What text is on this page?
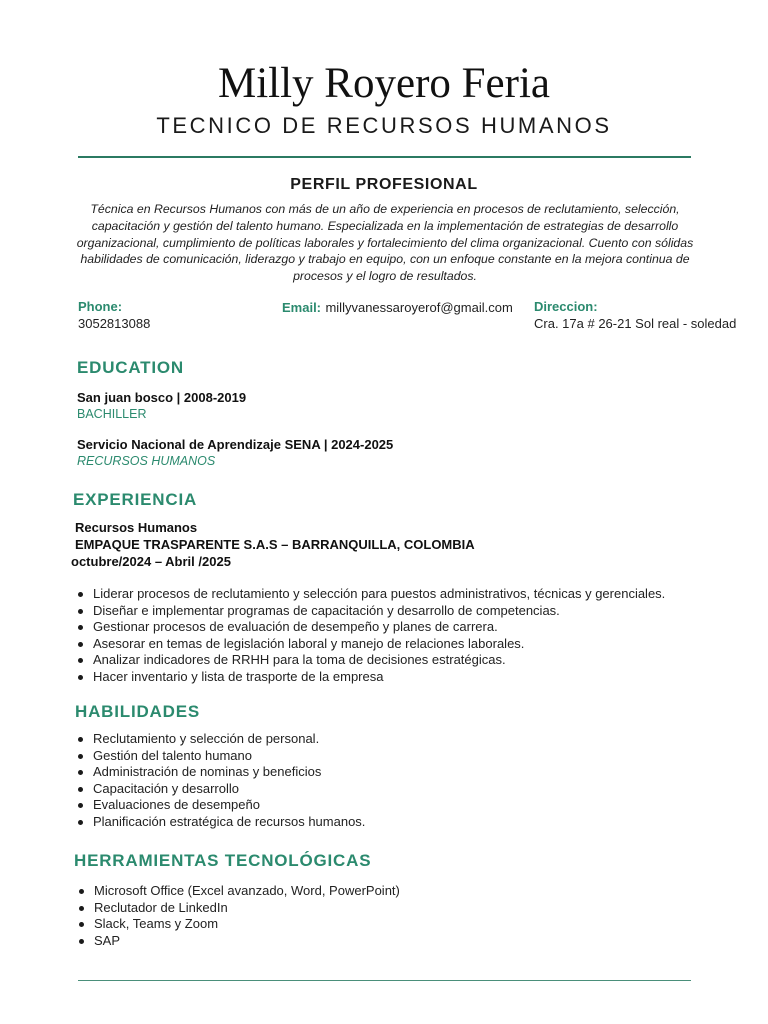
Milly Royero Feria
TECNICO DE RECURSOS HUMANOS
PERFIL PROFESIONAL
Técnica en Recursos Humanos con más de un año de experiencia en procesos de reclutamiento, selección, capacitación y gestión del talento humano. Especializada en la implementación de estrategias de desarrollo organizacional, cumplimiento de políticas laborales y fortalecimiento del clima organizacional. Cuento con sólidas habilidades de comunicación, liderazgo y trabajo en equipo, con un enfoque constante en la mejora continua de procesos y el logro de resultados.
Phone:
3052813088
Email: millyvanessaroyerof@gmail.com Direccion:
Cra. 17a # 26-21 Sol real - soledad
EDUCATION
San juan bosco | 2008-2019
BACHILLER
Servicio Nacional de Aprendizaje SENA | 2024-2025
RECURSOS HUMANOS
EXPERIENCIA
Recursos Humanos
EMPAQUE TRASPARENTE S.A.S – BARRANQUILLA, COLOMBIA
octubre/2024 – Abril /2025
Liderar procesos de reclutamiento y selección para puestos administrativos, técnicas y gerenciales.
Diseñar e implementar programas de capacitación y desarrollo de competencias.
Gestionar procesos de evaluación de desempeño y planes de carrera.
Asesorar en temas de legislación laboral y manejo de relaciones laborales.
Analizar indicadores de RRHH para la toma de decisiones estratégicas.
Hacer inventario y lista de trasporte de la empresa
HABILIDADES
Reclutamiento y selección de personal.
Gestión del talento humano
Administración de nominas y beneficios
Capacitación y desarrollo
Evaluaciones de desempeño
Planificación estratégica de recursos humanos.
HERRAMIENTAS TECNOLÓGICAS
Microsoft Office (Excel avanzado, Word, PowerPoint)
Reclutador de LinkedIn
Slack, Teams y Zoom
SAP
